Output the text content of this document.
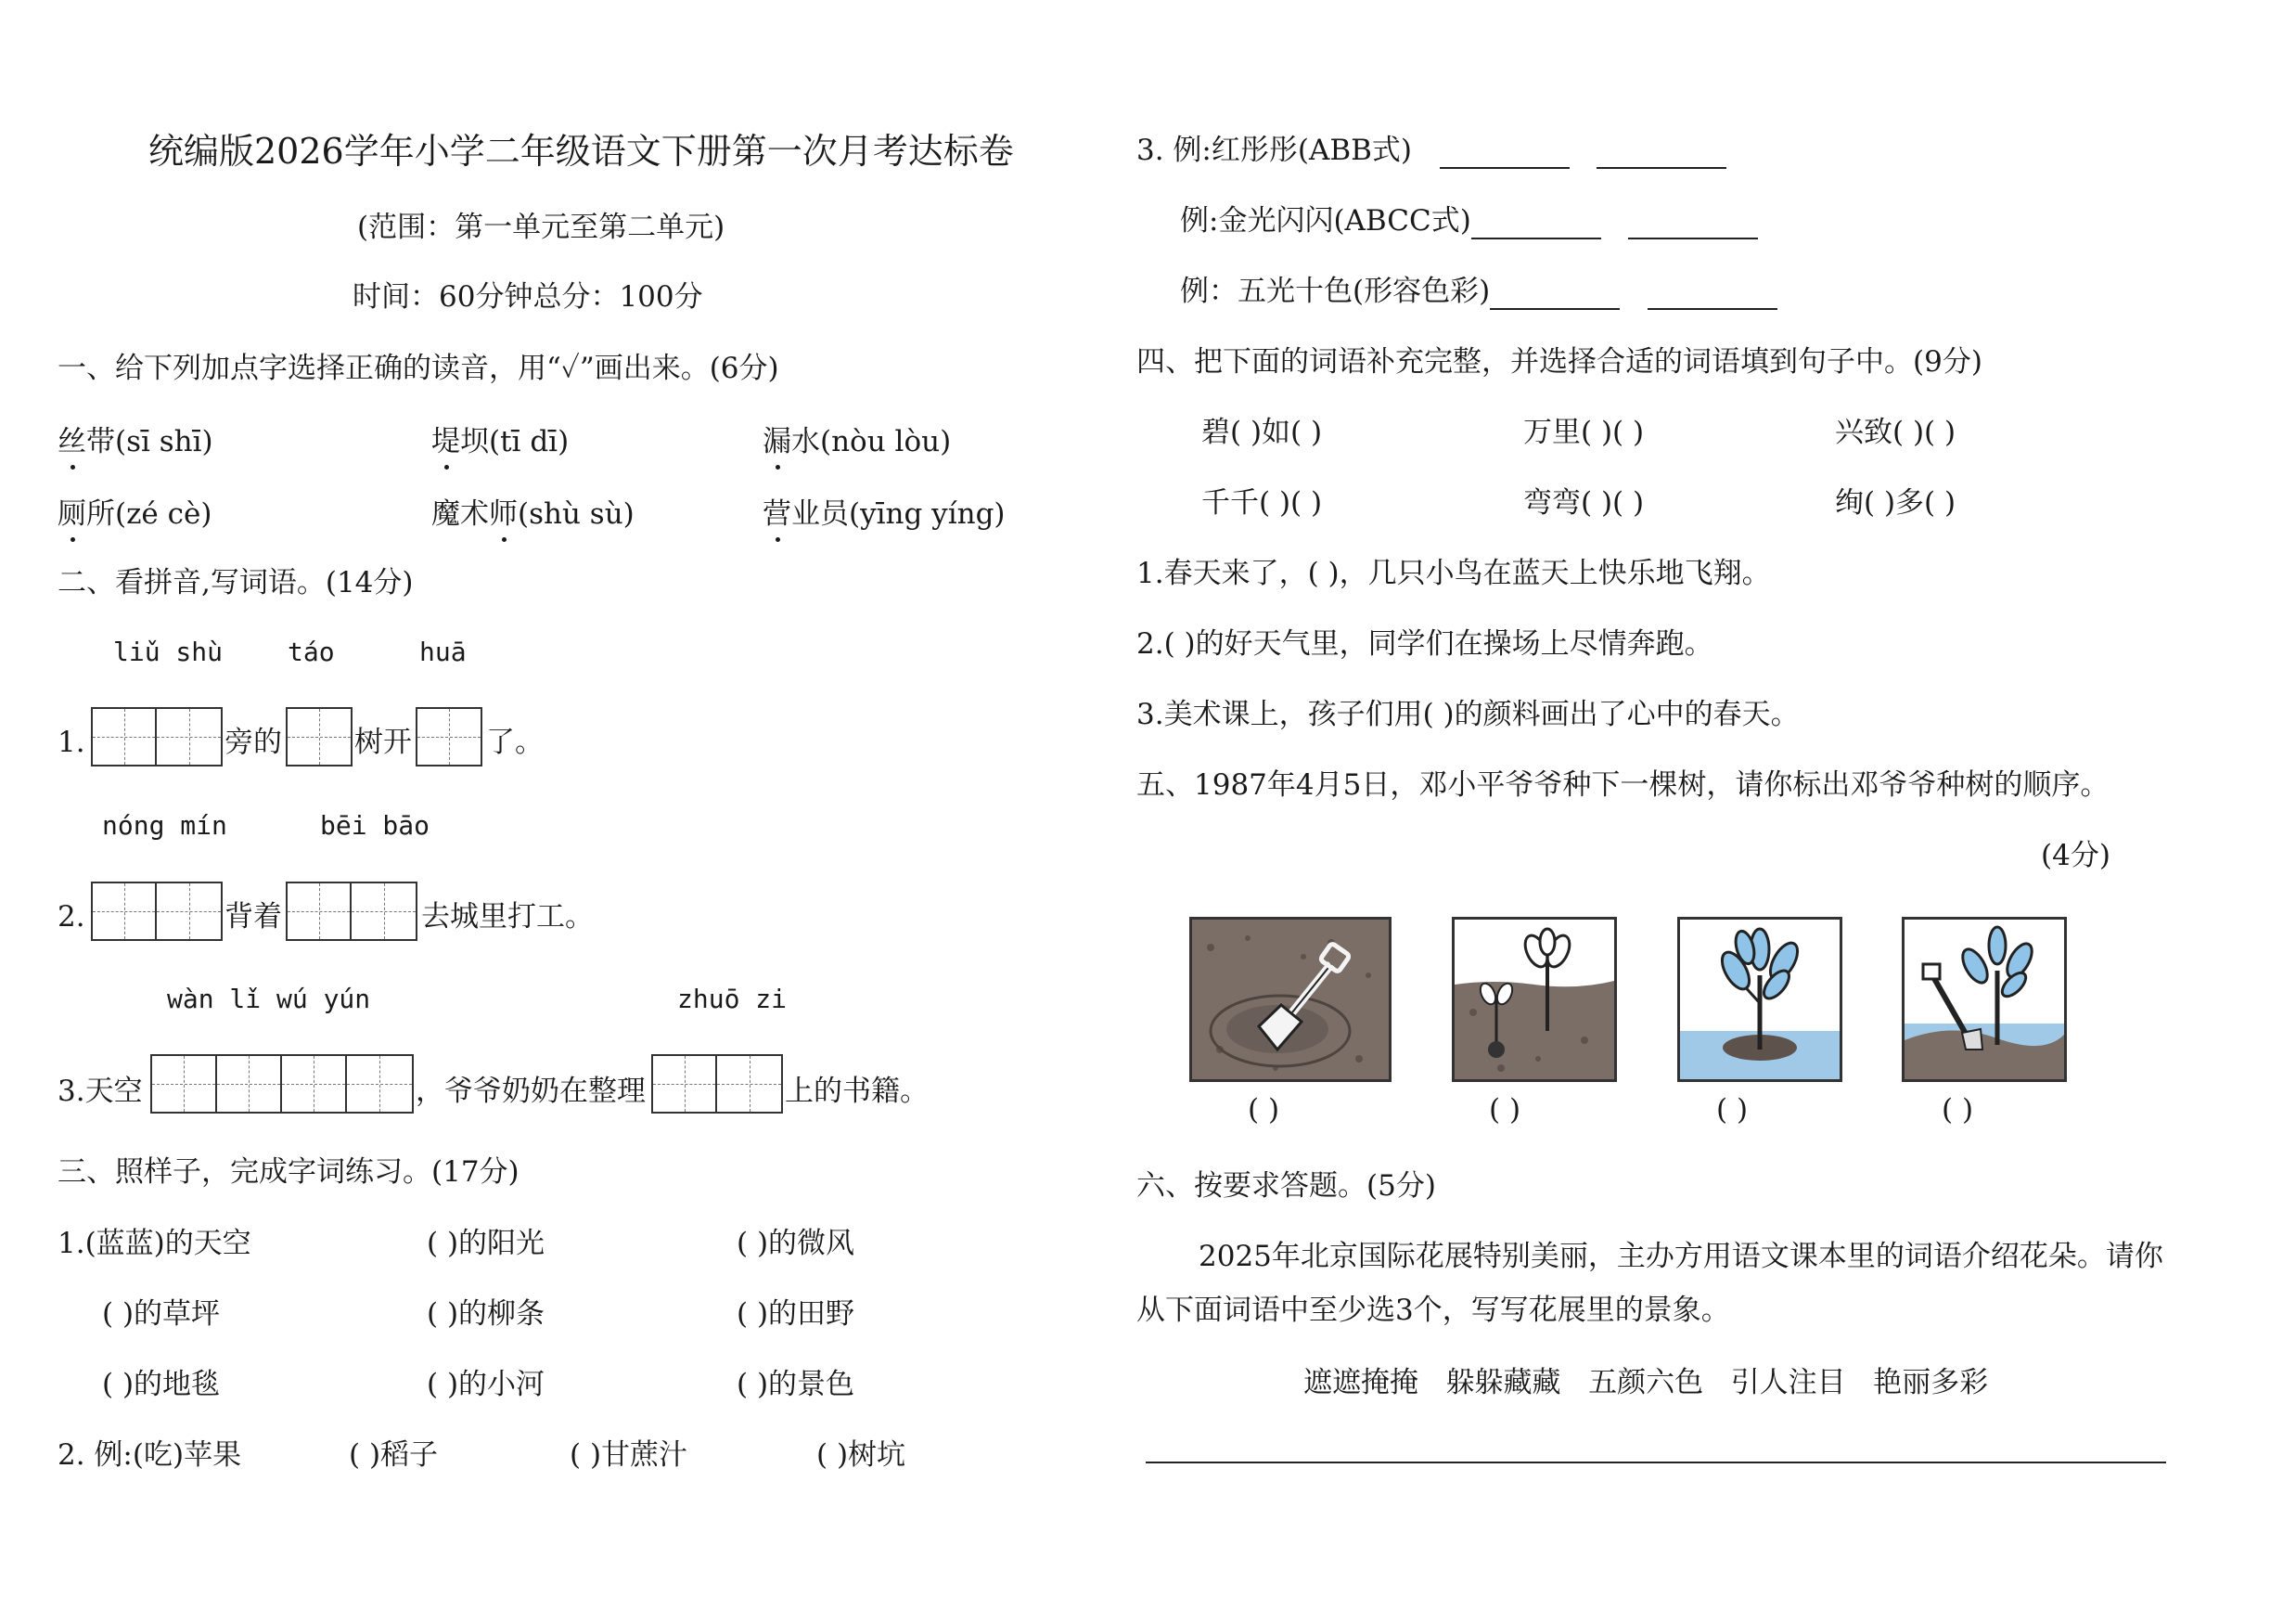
统编版2026学年小学二年级语文下册第一次月考达标卷
(范围：第一单元至第二单元)
时间：60分钟总分：100分
一、给下列加点字选择正确的读音，用“✓”画出来。(6分)
丝带(sī shī)	堤坝(tī dī)	漏水(nòu lòu)
厕所(zé cè)	魔术师(shù sù)	营业员(yīng yíng)
二、看拼音,写词语。(14分)
liǔ shù táo	huā
1.	旁的	树开	了。
nóng mín	bēi bāo
2.	背着	去城里打工。
wàn lǐ wú yún	zhuō zi
3.天空	，爷爷奶奶在整理	上的书籍。
三、照样子，完成字词练习。(17分)
1.(蓝蓝)的天空	( )的阳光	( )的微风
( )的草坪	( )的柳条	( )的田野
( )的地毯	( )的小河	( )的景色
2. 例:(吃)苹果	( )稻子	( )甘蔗汁	( )树坑
3. 例:红彤彤(ABB式)
例:金光闪闪(ABCC式)
例：五光十色(形容色彩)
四、把下面的词语补充完整，并选择合适的词语填到句子中。(9分)
碧( )如( )	万里( )( )	兴致( )( )
千千( )( )	弯弯( )( )	绚( )多( )
1.春天来了，( )，几只小鸟在蓝天上快乐地飞翔。
2.( )的好天气里，同学们在操场上尽情奔跑。
3.美术课上，孩子们用( )的颜料画出了心中的春天。
五、1987年4月5日，邓小平爷爷种下一棵树，请你标出邓爷爷种树的顺序。
(4分)
( )	( )	( )	( )
六、按要求答题。(5分)
2025年北京国际花展特别美丽，主办方用语文课本里的词语介绍花朵。请你
从下面词语中至少选3个，写写花展里的景象。
遮遮掩掩 躲躲藏藏 五颜六色 引人注目 艳丽多彩
